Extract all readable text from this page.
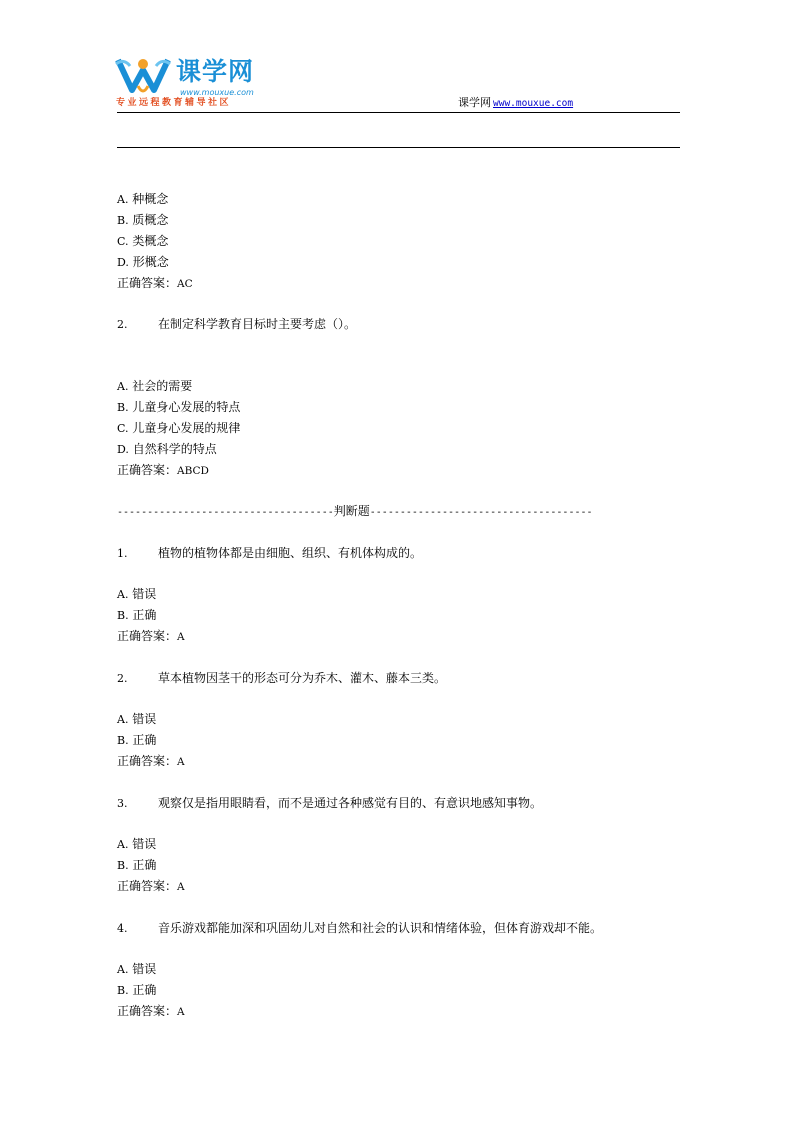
课学网
www.mouxue.com
专业远程教育辅导社区	课学网 www.mouxue.com
A. 种概念
B. 质概念
C. 类概念
D. 形概念
正确答案：AC
2.	在制定科学教育目标时主要考虑（）。
A. 社会的需要
B. 儿童身心发展的特点
C. 儿童身心发展的规律
D. 自然科学的特点
正确答案：ABCD
------------------------------------判断题-------------------------------------
1.	植物的植物体都是由细胞、组织、有机体构成的。
A. 错误
B. 正确
正确答案：A
2.	草本植物因茎干的形态可分为乔木、灌木、藤本三类。
A. 错误
B. 正确
正确答案：A
3.	观察仅是指用眼睛看，而不是通过各种感觉有目的、有意识地感知事物。
A. 错误
B. 正确
正确答案：A
4.	音乐游戏都能加深和巩固幼儿对自然和社会的认识和情绪体验，但体育游戏却不能。
A. 错误
B. 正确
正确答案：A
